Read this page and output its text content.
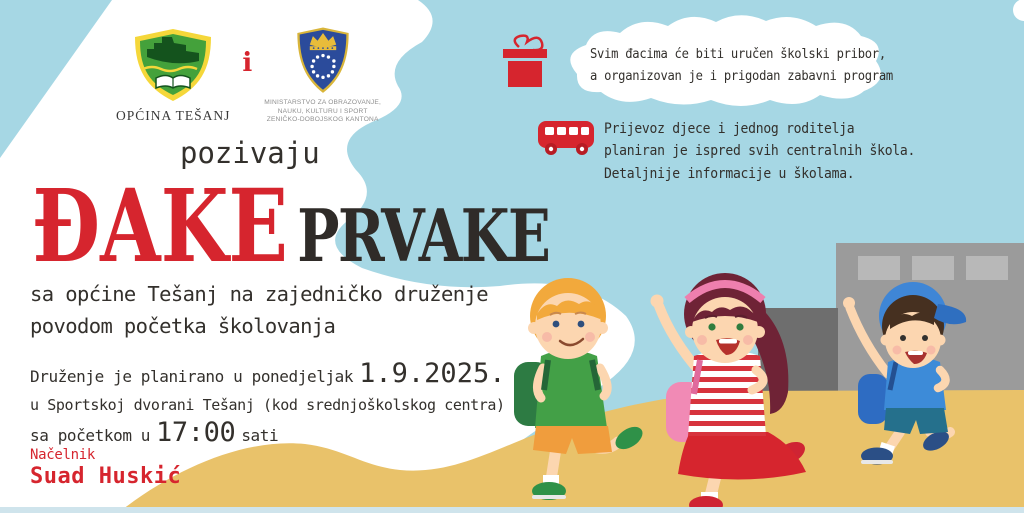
OPĆINA TEŠANJ
i
MINISTARSTVO ZA OBRAZOVANJE,
NAUKU, KULTURU I SPORT
ZENIČKO-DOBOJSKOG KANTONA
pozivaju
ĐAKE PRVAKE
sa općine Tešanj na zajedničko druženje
povodom početka školovanja
Druženje je planirano u ponedjeljak 1.9.2025.
u Sportskoj dvorani Tešanj (kod srednjoškolskog centra)
sa početkom u 17:00 sati
Načelnik
Suad Huskić
Svim đacima će biti uručen školski pribor,
a organizovan je i prigodan zabavni program
Prijevoz djece i jednog roditelja
planiran je ispred svih centralnih škola.
Detaljnije informacije u školama.
